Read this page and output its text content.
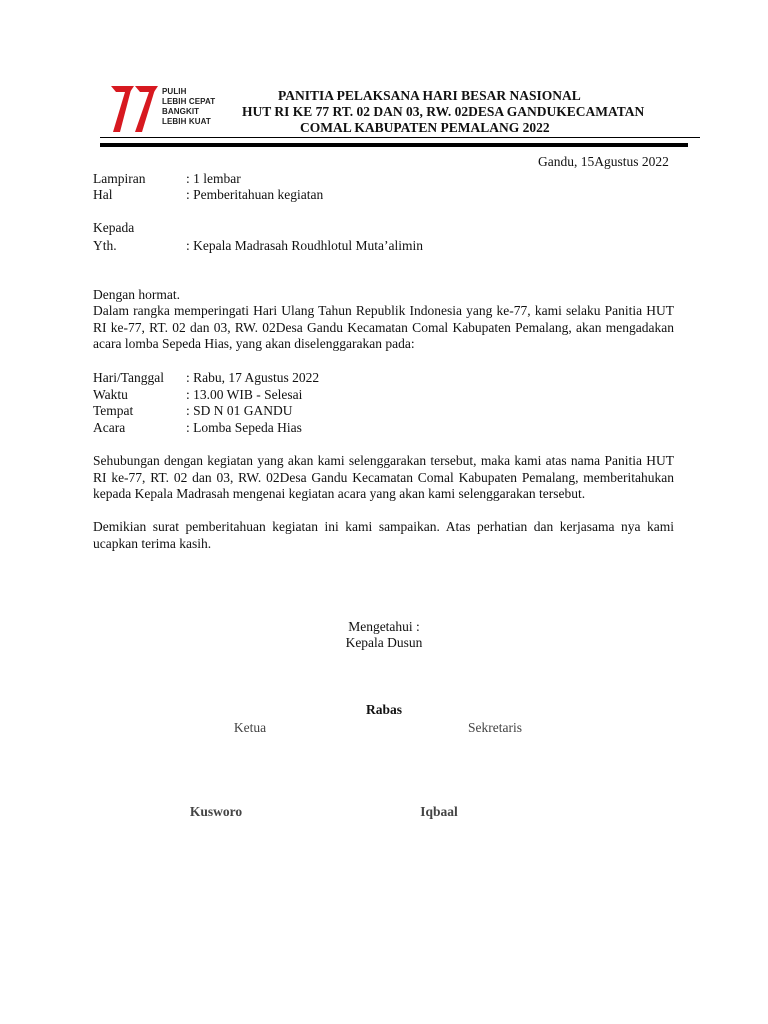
PULIH
LEBIH CEPAT
BANGKIT
LEBIH KUAT
PANITIA PELAKSANA HARI BESAR NASIONAL
HUT RI KE 77 RT. 02 DAN 03, RW. 02DESA GANDUKECAMATAN
COMAL KABUPATEN PEMALANG 2022
Gandu, 15Agustus 2022
Lampiran	: 1 lembar
Hal	: Pemberitahuan kegiatan
Kepada
Yth.	: Kepala Madrasah Roudhlotul Muta’alimin
Dengan hormat.
Dalam rangka memperingati Hari Ulang Tahun Republik Indonesia yang ke-77, kami selaku Panitia HUT RI ke-77, RT. 02 dan 03, RW. 02Desa Gandu Kecamatan Comal Kabupaten Pemalang, akan mengadakan acara lomba Sepeda Hias, yang akan diselenggarakan pada:
Hari/Tanggal : Rabu, 17 Agustus 2022
Waktu	: 13.00 WIB - Selesai
Tempat	: SD N 01 GANDU
Acara	: Lomba Sepeda Hias
Sehubungan dengan kegiatan yang akan kami selenggarakan tersebut, maka kami atas nama Panitia HUT RI ke-77, RT. 02 dan 03, RW. 02Desa Gandu Kecamatan Comal Kabupaten Pemalang, memberitahukan kepada Kepala Madrasah mengenai kegiatan acara yang akan kami selenggarakan tersebut.
Demikian surat pemberitahuan kegiatan ini kami sampaikan. Atas perhatian dan kerjasama nya kami ucapkan terima kasih.
Mengetahui :
Kepala Dusun
Rabas
Ketua	Sekretaris
Kusworo	Iqbaal
